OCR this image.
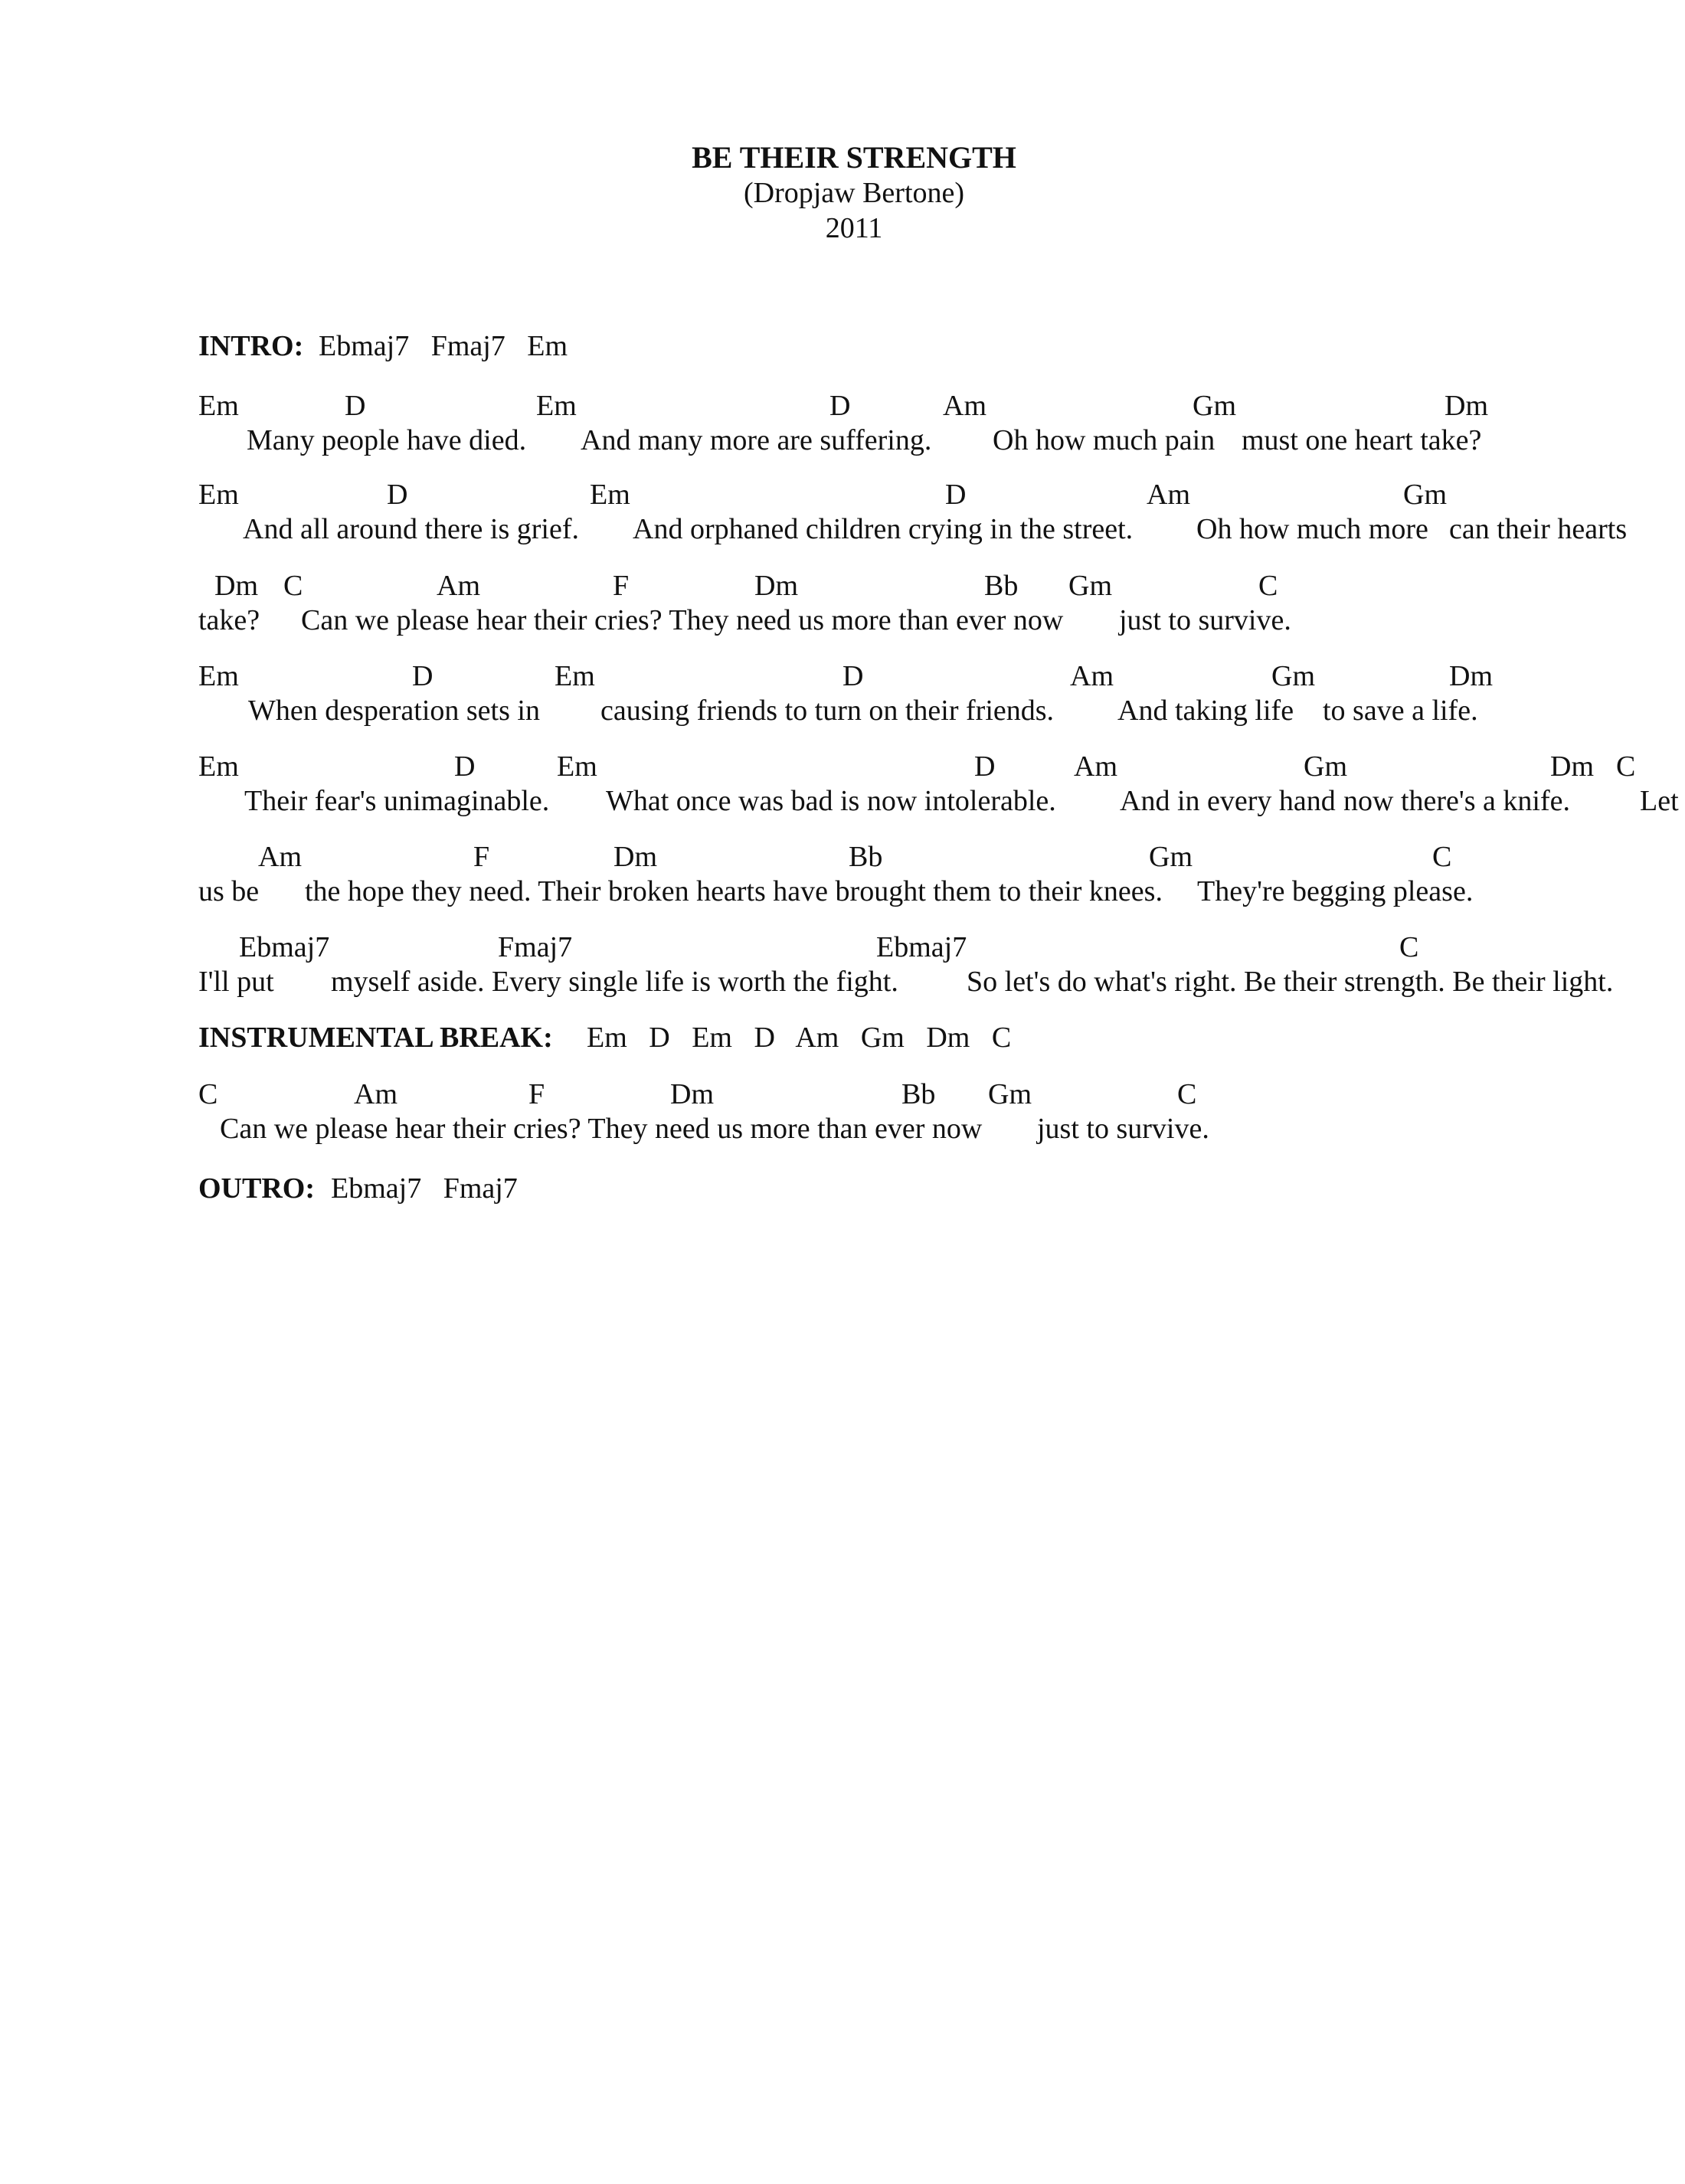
BE THEIR STRENGTH
(Dropjaw Bertone)
2011

INTRO:

Ebmaj7   Fmaj7   Em

Em

	D

	Em

	D

	Am

	Gm

	Dm

Many people have died.

And many more are suffering.

Oh how much pain

must one heart take?

Em

	D

	Em

	D

	Am

	Gm

And all around there is grief.

And orphaned children crying in the street.

Oh how much more

can their hearts

Dm

C

	Am

	F

	Dm

	Bb

Gm

	C

take?

Can we please hear their cries? They need us more than ever now

just to survive.

Em

	D

	Em

	D

	Am

	Gm

	Dm

When desperation sets in

causing friends to turn on their friends.

And taking life

to save a life.

Em

	D

	Em

	D

	Am

	Gm

	Dm

C

Their fear's unimaginable.

What once was bad is now intolerable.

And in every hand

now there's a knife.

Let

Am

	F

	Dm

	Bb

	Gm

	C

us be

the hope they need. Their broken hearts have brought them to their knees.

They're begging please.

Ebmaj7

	Fmaj7

	Ebmaj7

	C

I'll put

myself aside. Every single life is worth the fight.

So let's do what's right. Be their strength. Be their light.

INSTRUMENTAL BREAK:

Em   D   Em   D   Am   Gm   Dm   C

C

	Am

	F

	Dm

	Bb

Gm

	C

Can we please hear their cries? They need us more than ever now

just to survive.

OUTRO:

Ebmaj7   Fmaj7
